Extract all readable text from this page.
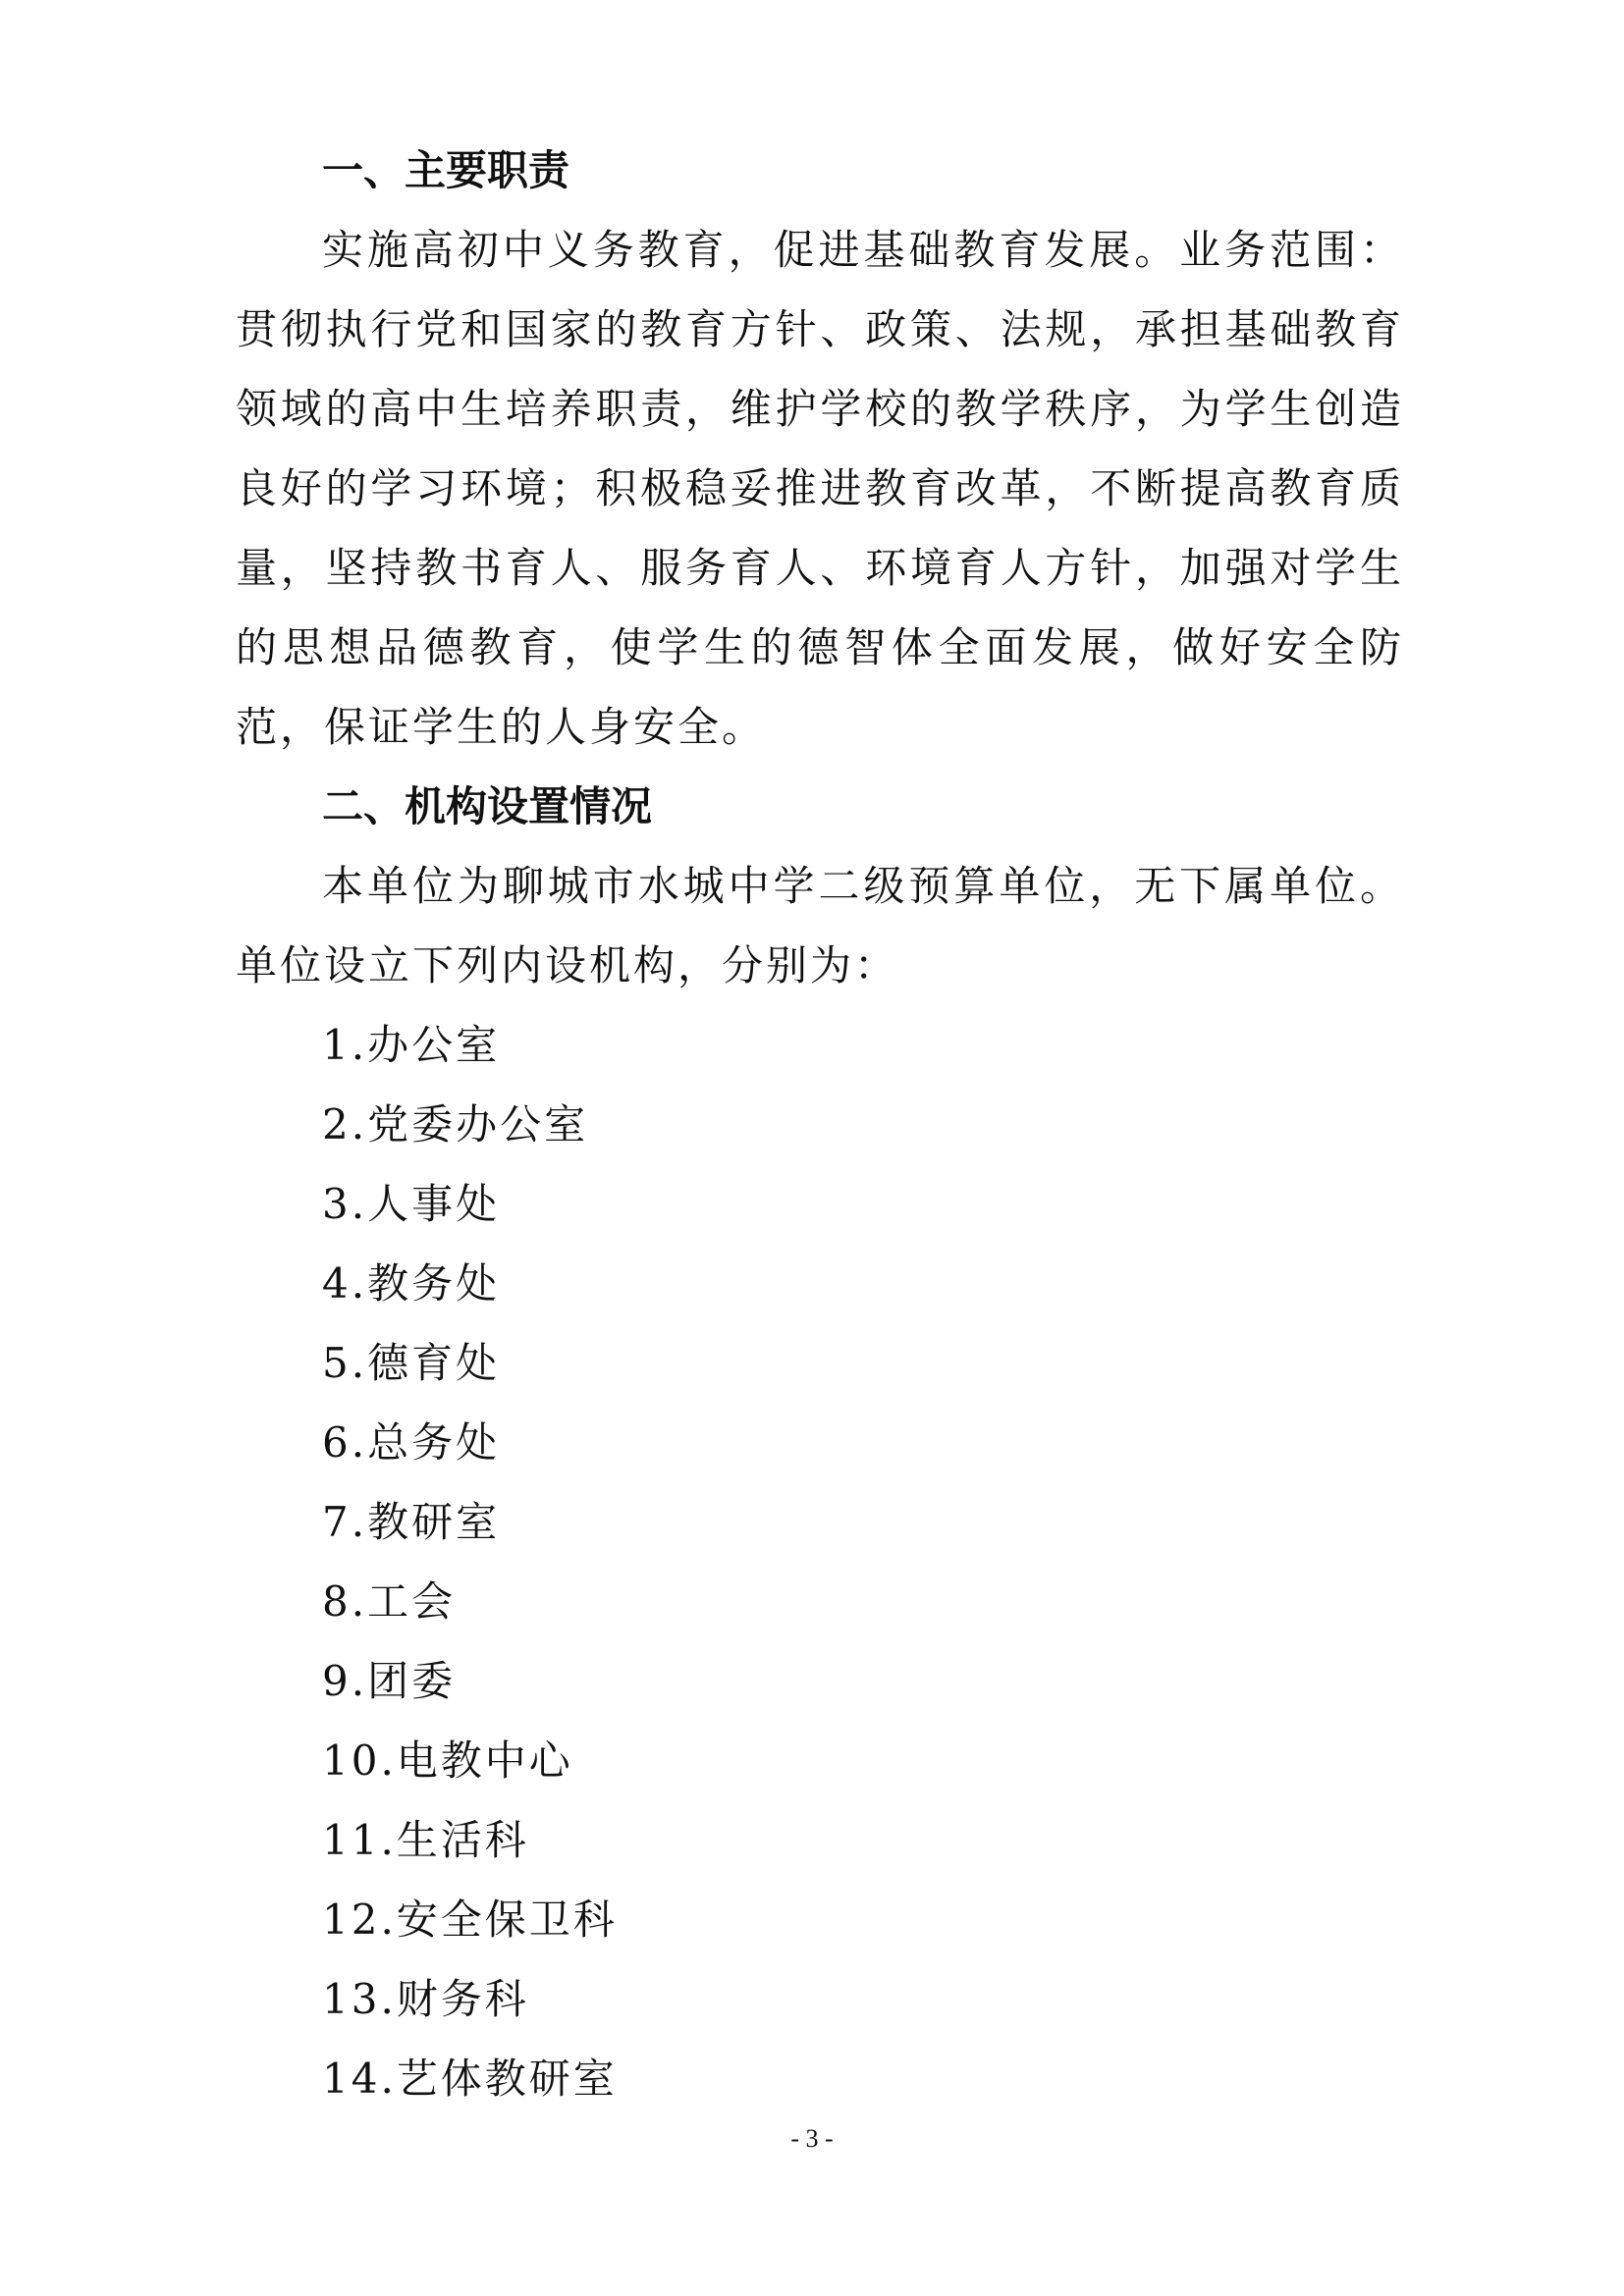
一、主要职责

实施高初中义务教育，促进基础教育发展。业务范围：贯彻执行党和国家的教育方针、政策、法规，承担基础教育领域的高中生培养职责，维护学校的教学秩序，为学生创造良好的学习环境；积极稳妥推进教育改革，不断提高教育质量，坚持教书育人、服务育人、环境育人方针，加强对学生的思想品德教育，使学生的德智体全面发展，做好安全防范，保证学生的人身安全。

二、机构设置情况

本单位为聊城市水城中学二级预算单位，无下属单位。单位设立下列内设机构，分别为：

1.办公室
2.党委办公室
3.人事处
4.教务处
5.德育处
6.总务处
7.教研室
8.工会
9.团委
10.电教中心
11.生活科
12.安全保卫科
13.财务科
14.艺体教研室
- 3 -
